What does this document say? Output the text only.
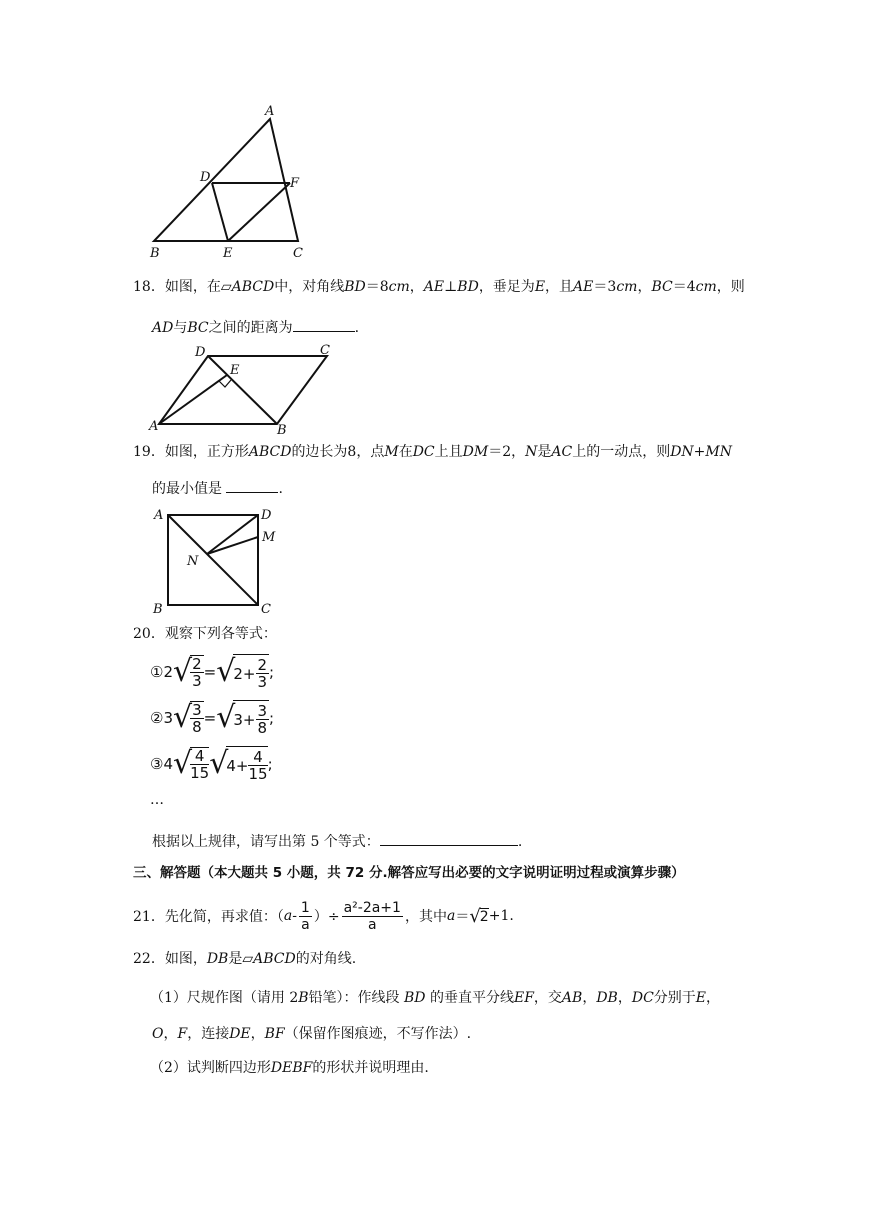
A
B	C
D
E
F
18．如图，在▱ABCD中，对角线BD＝8cm，AE⊥BD，垂足为E，且AE＝3cm，BC＝4cm，则
AD与BC之间的距离为	.
D	C
E
A	B
19．如图，正方形ABCD的边长为8，点M在DC上且DM＝2，N是AC上的一动点，则DN+MN
的最小值是	.
A	D
M
N
B	C
20．观察下列各等式：
① 2 √
$\frac{2}{3}$ = √
$2+ \frac{2}{3}$ ;
② 3 √
$\frac{3}{8}$ = √
$3+ \frac{3}{8}$ ;
③ 4 √
$\frac{4}{15}$ √
$4+ \frac{4}{15}$ ;
…
根据以上规律，请写出第 5 个等式：	.
三、解答题（本大题共 5 小题，共 72 分.解答应写出必要的文字说明证明过程或演算步骤）
21． 先化简，再求值：（ a - $\frac{1}{a}$ ）÷ $\frac{\text{a²-2a+1}}{a}$ ，其中 a ＝ √ 2 +1.
22．如图，DB是▱ABCD的对角线.
（1）尺规作图（请用 2B铅笔）：作线段 BD 的垂直平分线EF，交AB，DB，DC分别于E，
O，F，连接DE，BF（保留作图痕迹，不写作法）.
（2）试判断四边形DEBF的形状并说明理由.
